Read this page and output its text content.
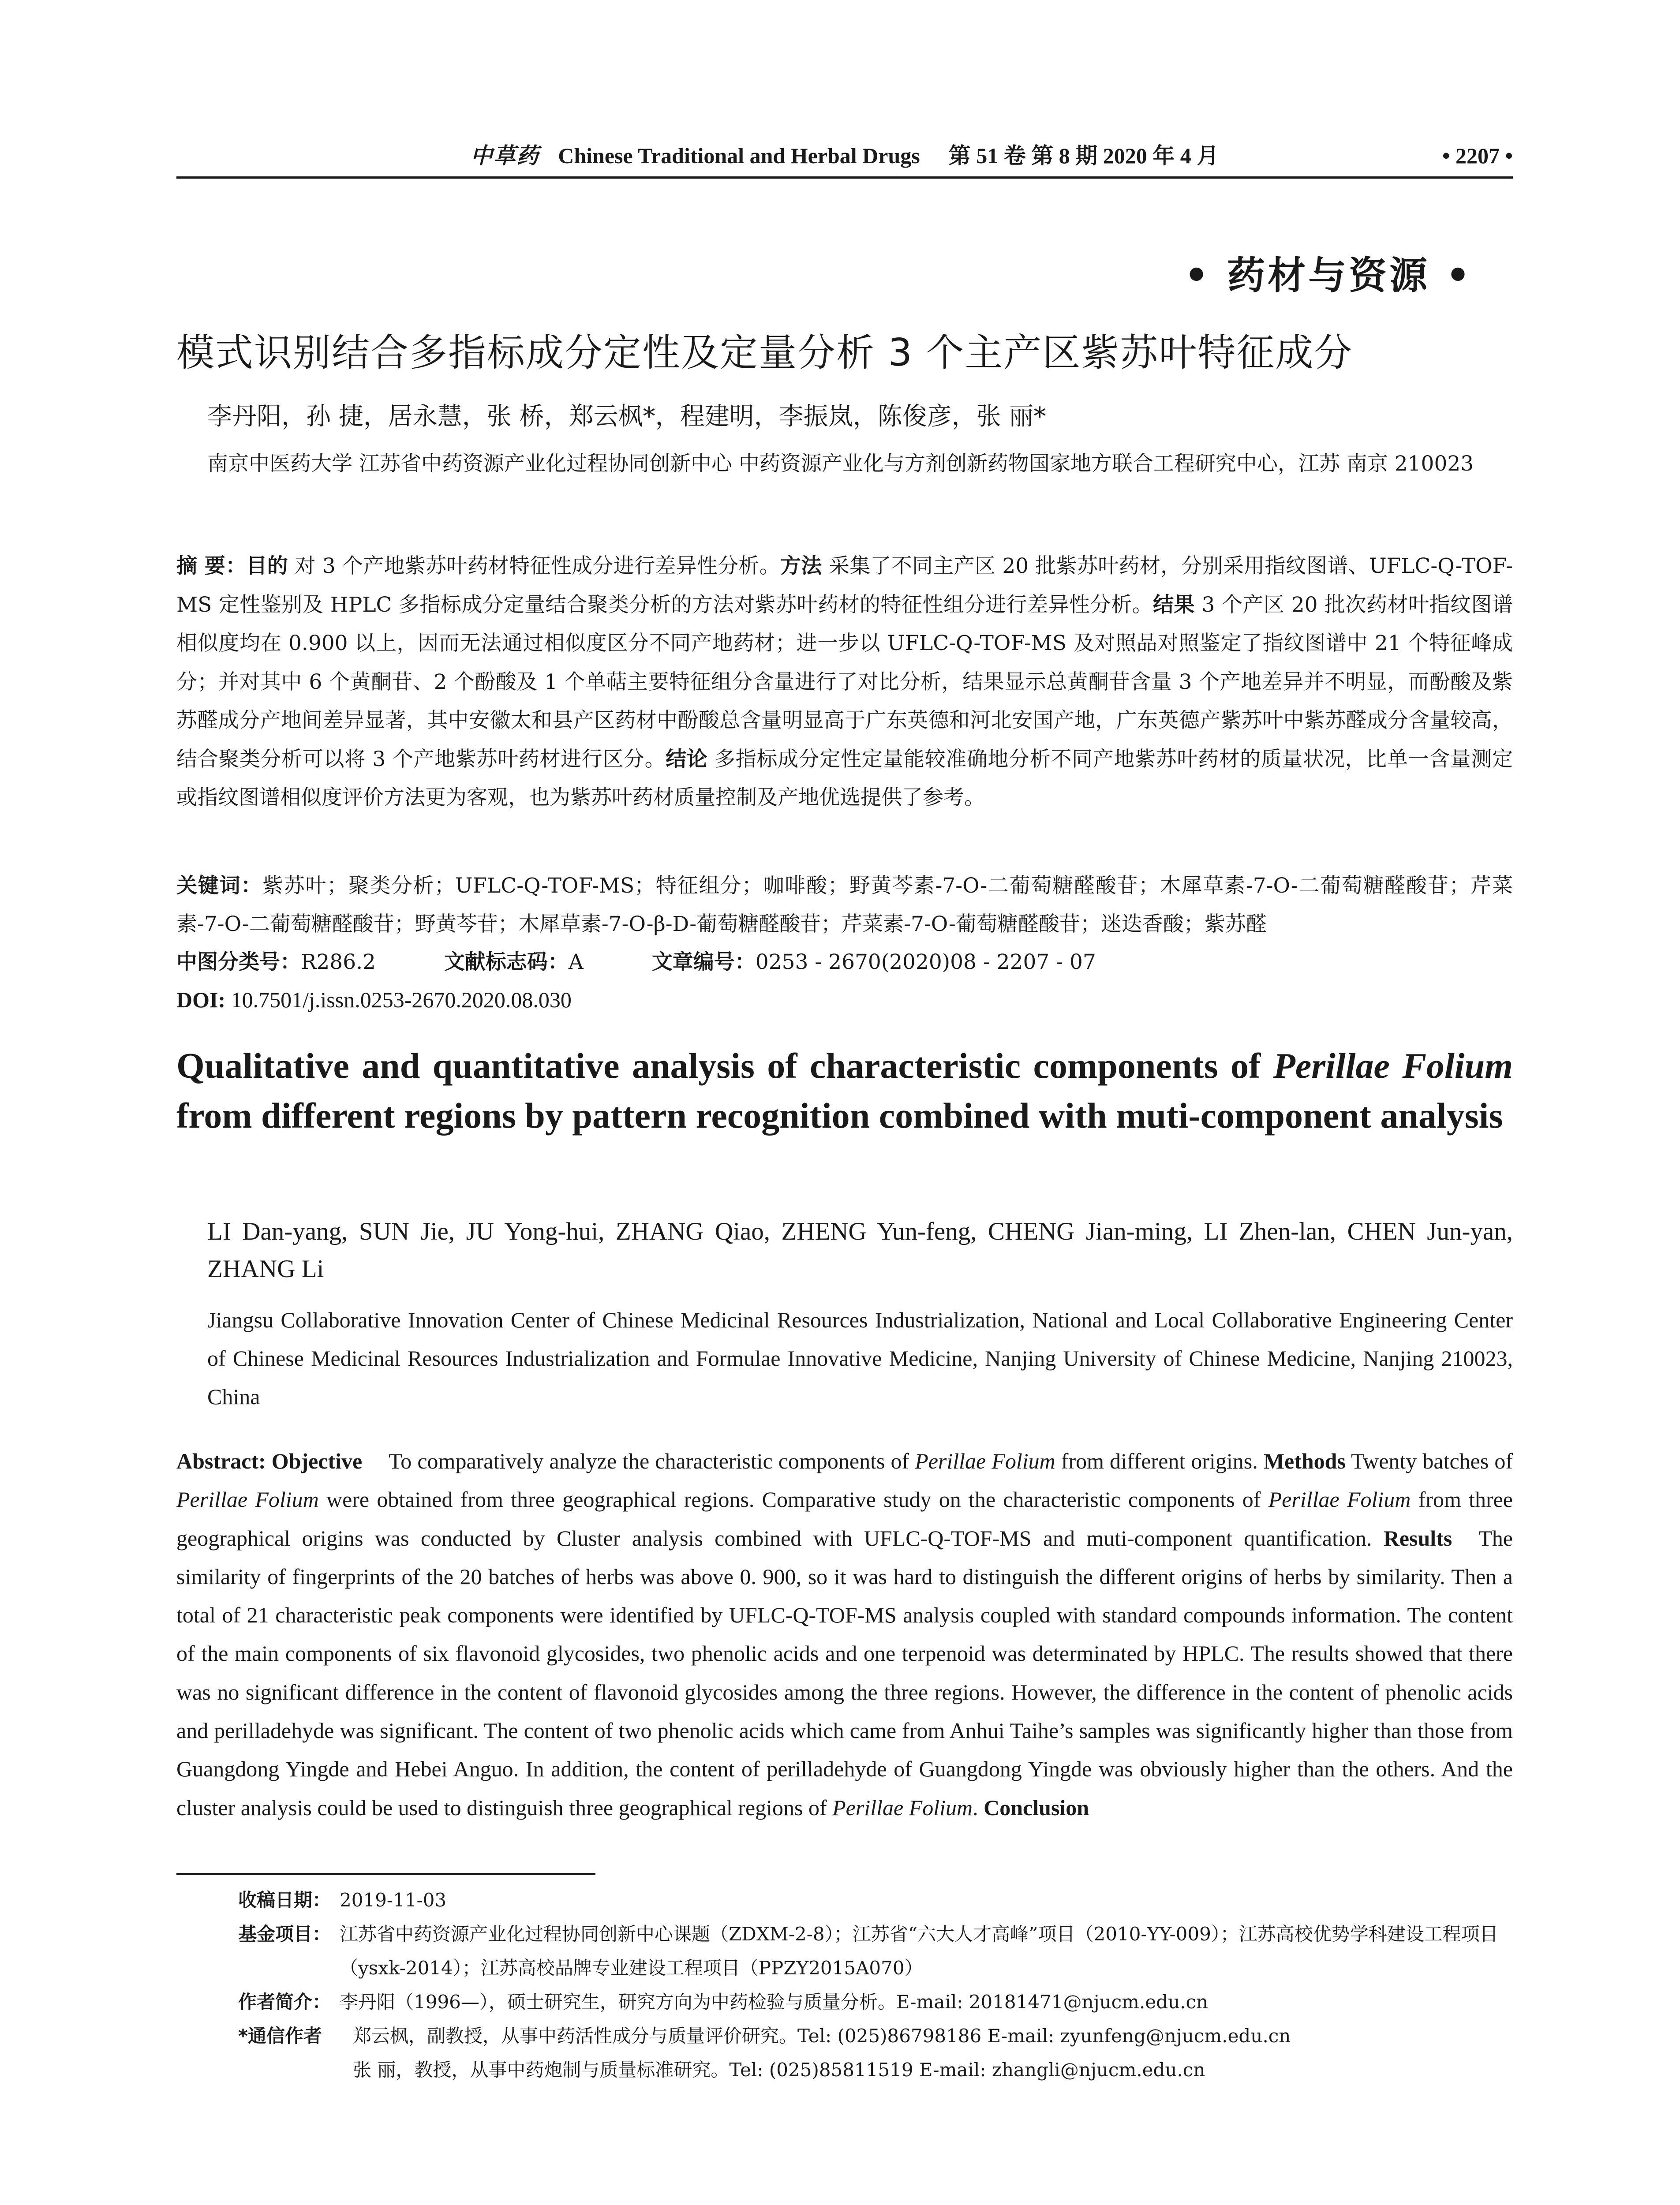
中草药 Chinese Traditional and Herbal Drugs 第 51 卷 第 8 期 2020 年 4 月	• 2207 •
• 药材与资源 •
模式识别结合多指标成分定性及定量分析 3 个主产区紫苏叶特征成分
李丹阳，孙 捷，居永慧，张 桥，郑云枫*，程建明，李振岚，陈俊彦，张 丽*
南京中医药大学 江苏省中药资源产业化过程协同创新中心 中药资源产业化与方剂创新药物国家地方联合工程研究中心，江苏 南京 210023
摘 要：目的 对 3 个产地紫苏叶药材特征性成分进行差异性分析。方法 采集了不同主产区 20 批紫苏叶药材，分别采用指纹图谱、UFLC-Q-TOF-MS 定性鉴别及 HPLC 多指标成分定量结合聚类分析的方法对紫苏叶药材的特征性组分进行差异性分析。结果 3 个产区 20 批次药材叶指纹图谱相似度均在 0.900 以上，因而无法通过相似度区分不同产地药材；进一步以 UFLC-Q-TOF-MS 及对照品对照鉴定了指纹图谱中 21 个特征峰成分；并对其中 6 个黄酮苷、2 个酚酸及 1 个单萜主要特征组分含量进行了对比分析，结果显示总黄酮苷含量 3 个产地差异并不明显，而酚酸及紫苏醛成分产地间差异显著，其中安徽太和县产区药材中酚酸总含量明显高于广东英德和河北安国产地，广东英德产紫苏叶中紫苏醛成分含量较高，结合聚类分析可以将 3 个产地紫苏叶药材进行区分。结论 多指标成分定性定量能较准确地分析不同产地紫苏叶药材的质量状况，比单一含量测定或指纹图谱相似度评价方法更为客观，也为紫苏叶药材质量控制及产地优选提供了参考。
关键词：紫苏叶；聚类分析；UFLC-Q-TOF-MS；特征组分；咖啡酸；野黄芩素-7-O-二葡萄糖醛酸苷；木犀草素-7-O-二葡萄糖醛酸苷；芹菜素-7-O-二葡萄糖醛酸苷；野黄芩苷；木犀草素-7-O-β-D-葡萄糖醛酸苷；芹菜素-7-O-葡萄糖醛酸苷；迷迭香酸；紫苏醛
中图分类号：R286.2	文献标志码：A	文章编号：0253 - 2670(2020)08 - 2207 - 07
DOI: 10.7501/j.issn.0253-2670.2020.08.030
Qualitative and quantitative analysis of characteristic components of Perillae Folium from different regions by pattern recognition combined with muti-component analysis
LI Dan-yang, SUN Jie, JU Yong-hui, ZHANG Qiao, ZHENG Yun-feng, CHENG Jian-ming, LI Zhen-lan, CHEN Jun-yan, ZHANG Li
Jiangsu Collaborative Innovation Center of Chinese Medicinal Resources Industrialization, National and Local Collaborative Engineering Center of Chinese Medicinal Resources Industrialization and Formulae Innovative Medicine, Nanjing University of Chinese Medicine, Nanjing 210023, China
Abstract: Objective To comparatively analyze the characteristic components of Perillae Folium from different origins. Methods Twenty batches of Perillae Folium were obtained from three geographical regions. Comparative study on the characteristic components of Perillae Folium from three geographical origins was conducted by Cluster analysis combined with UFLC-Q-TOF-MS and muti-component quantification. Results The similarity of fingerprints of the 20 batches of herbs was above 0. 900, so it was hard to distinguish the different origins of herbs by similarity. Then a total of 21 characteristic peak components were identified by UFLC-Q-TOF-MS analysis coupled with standard compounds information. The content of the main components of six flavonoid glycosides, two phenolic acids and one terpenoid was determinated by HPLC. The results showed that there was no significant difference in the content of flavonoid glycosides among the three regions. However, the difference in the content of phenolic acids and perilladehyde was significant. The content of two phenolic acids which came from Anhui Taihe’s samples was significantly higher than those from Guangdong Yingde and Hebei Anguo. In addition, the content of perilladehyde of Guangdong Yingde was obviously higher than the others. And the cluster analysis could be used to distinguish three geographical regions of Perillae Folium. Conclusion
收稿日期： 2019-11-03
基金项目： 江苏省中药资源产业化过程协同创新中心课题（ZDXM-2-8）；江苏省“六大人才高峰”项目（2010-YY-009）；江苏高校优势学科建设工程项目（ysxk-2014）；江苏高校品牌专业建设工程项目（PPZY2015A070）
作者简介： 李丹阳（1996—），硕士研究生，研究方向为中药检验与质量分析。E-mail: 20181471@njucm.edu.cn
*通信作者 郑云枫，副教授，从事中药活性成分与质量评价研究。Tel: (025)86798186 E-mail: zyunfeng@njucm.edu.cn
张 丽，教授，从事中药炮制与质量标准研究。Tel: (025)85811519 E-mail: zhangli@njucm.edu.cn
